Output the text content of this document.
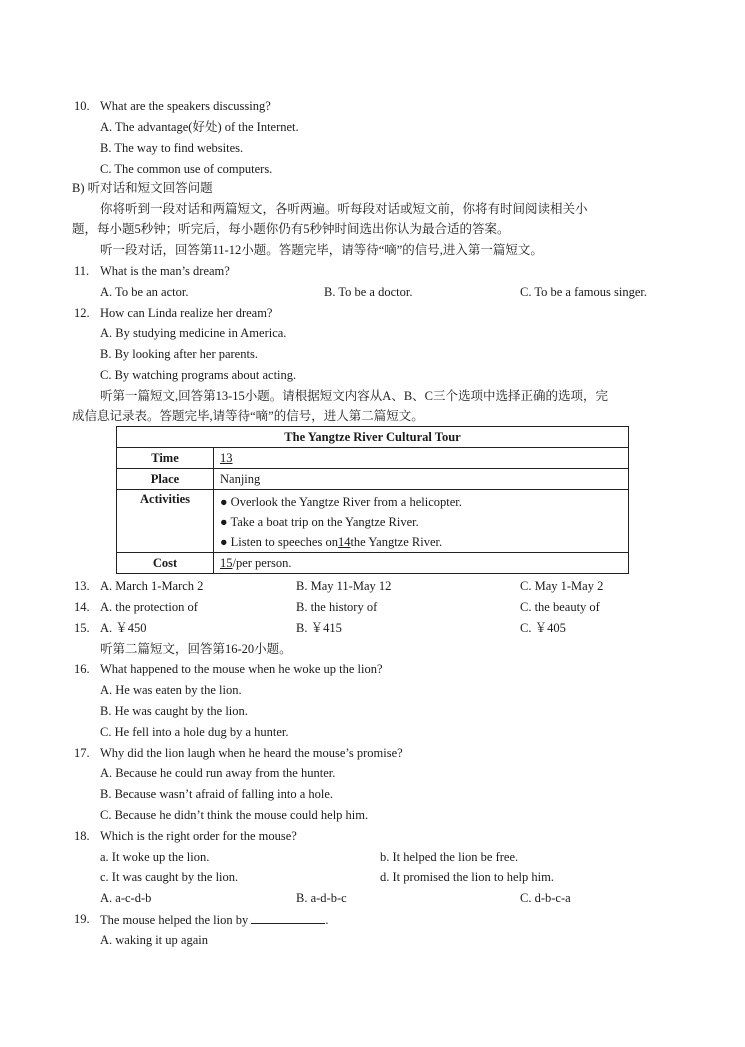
10. What are the speakers discussing?
A. The advantage(好处) of the Internet.
B. The way to find websites.
C. The common use of computers.
B) 听对话和短文回答问题
你将听到一段对话和两篇短文，各听两遍。听每段对话或短文前，你将有时间阅读相关小
题，每小题5秒钟；听完后，每小题你仍有5秒钟时间选出你认为最合适的答案。
听一段对话，回答第11-12小题。答题完毕，请等待“嘀”的信号,进入第一篇短文。
11. What is the man’s dream?
A. To be an actor.	B. To be a doctor.	C. To be a famous singer.
12. How can Linda realize her dream?
A. By studying medicine in America.
B. By looking after her parents.
C. By watching programs about acting.
听第一篇短文,回答第13-15小题。请根据短文内容从A、B、C三个选项中选择正确的选项，完
成信息记录表。答题完毕,请等待“嘀”的信号，进人第二篇短文。
The Yangtze River Cultural Tour	
Time	13
Place	Nanjing
Activities	● Overlook the Yangtze River from a helicopter.
● Take a boat trip on the Yangtze River.
● Listen to speeches on14the Yangtze River.

Cost	15/per person.
13. A. March 1-March 2	B. May 11-May 12	C. May 1-May 2
14. A. the protection of	B. the history of	C. the beauty of
15. A. ￥450	B. ￥415	C. ￥405
听第二篇短文，回答第16-20小题。
16. What happened to the mouse when he woke up the lion?
A. He was eaten by the lion.
B. He was caught by the lion.
C. He fell into a hole dug by a hunter.
17. Why did the lion laugh when he heard the mouse’s promise?
A. Because he could run away from the hunter.
B. Because wasn’t afraid of falling into a hole.
C. Because he didn’t think the mouse could help him.
18. Which is the right order for the mouse?
a. It woke up the lion.	b. It helped the lion be free.
c. It was caught by the lion.	d. It promised the lion to help him.
A. a-c-d-b	B. a-d-b-c	C. d-b-c-a
19. The mouse helped the lion by	.
A. waking it up again
